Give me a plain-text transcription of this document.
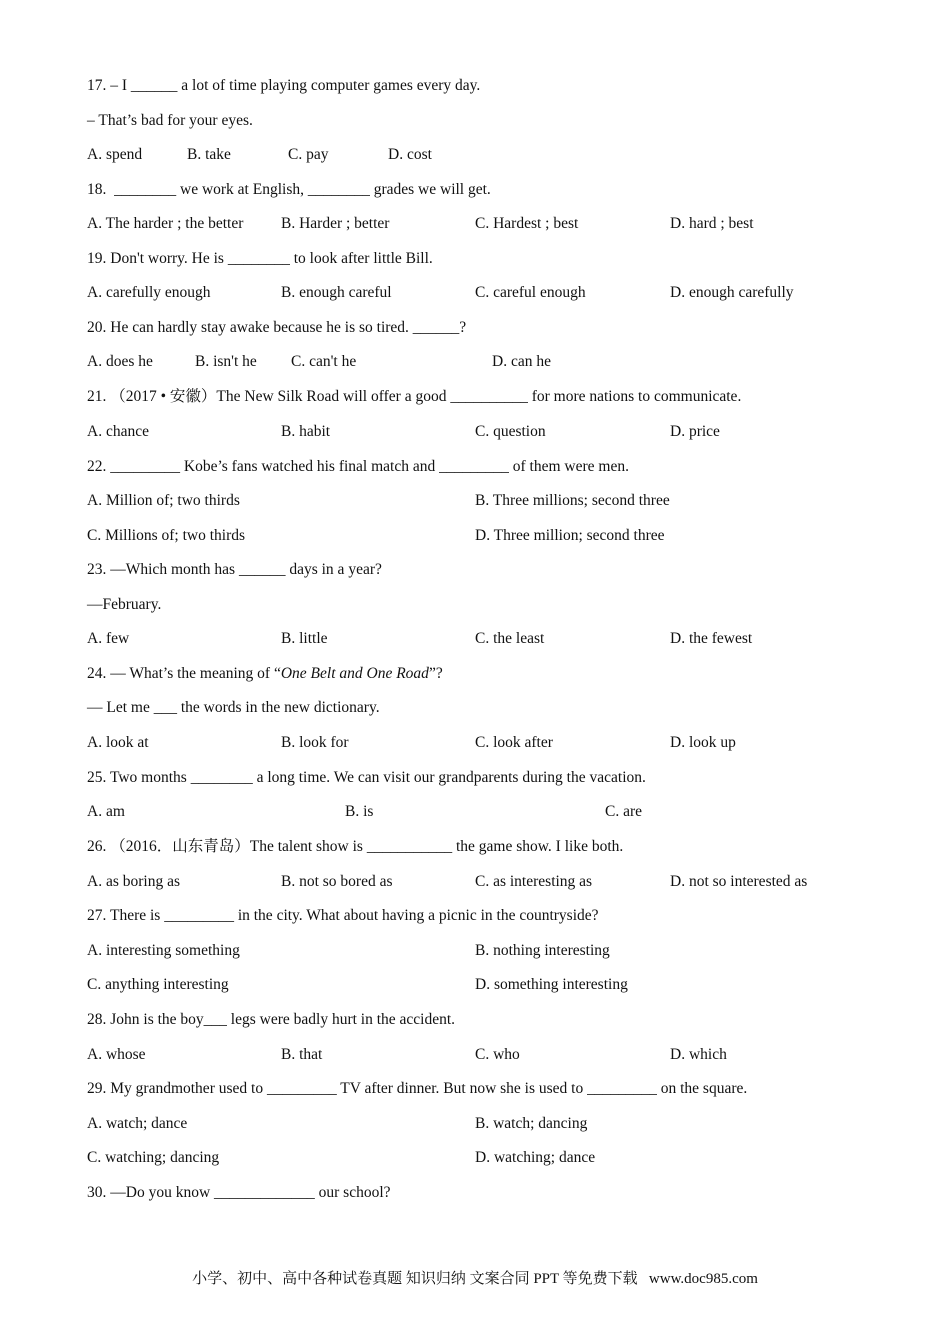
17. – I ______ a lot of time playing computer games every day.
– That’s bad for your eyes.
A. spend	B. take	C. pay	D. cost
18.  ________ we work at English, ________ grades we will get.
A. The harder ; the better B. Harder ; better	C. Hardest ; best	D. hard ; best
19. Don't worry. He is ________ to look after little Bill.
A. carefully enough	B. enough careful	C. careful enough	D. enough carefully
20. He can hardly stay awake because he is so tired. ______?
A. does he	B. isn't he C. can't he	D. can he
21. （2017 • 安徽）The New Silk Road will offer a good __________ for more nations to communicate.
A. chance	B. habit	C. question	D. price
22. _________ Kobe’s fans watched his final match and _________ of them were men.
A. Million of; two thirds	B. Three millions; second three
C. Millions of; two thirds	D. Three million; second three
23. —Which month has ______ days in a year?
—February.
A. few	B. little	C. the least	D. the fewest
24. — What’s the meaning of “One Belt and One Road”?
— Let me ___ the words in the new dictionary.
A. look at	B. look for	C. look after	D. look up
25. Two months ________ a long time. We can visit our grandparents during the vacation.
A. am	B. is	C. are
26. （2016．山东青岛）The talent show is ___________ the game show. I like both.
A. as boring as	B. not so bored as	C. as interesting as	D. not so interested as
27. There is _________ in the city. What about having a picnic in the countryside?
A. interesting something	B. nothing interesting
C. anything interesting	D. something interesting
28. John is the boy___ legs were badly hurt in the accident.
A. whose	B. that	C. who	D. which
29. My grandmother used to _________ TV after dinner. But now she is used to _________ on the square.
A. watch; dance	B. watch; dancing
C. watching; dancing	D. watching; dance
30. —Do you know _____________ our school?
小学、初中、高中各种试卷真题 知识归纳 文案合同 PPT 等免费下载   www.doc985.com
